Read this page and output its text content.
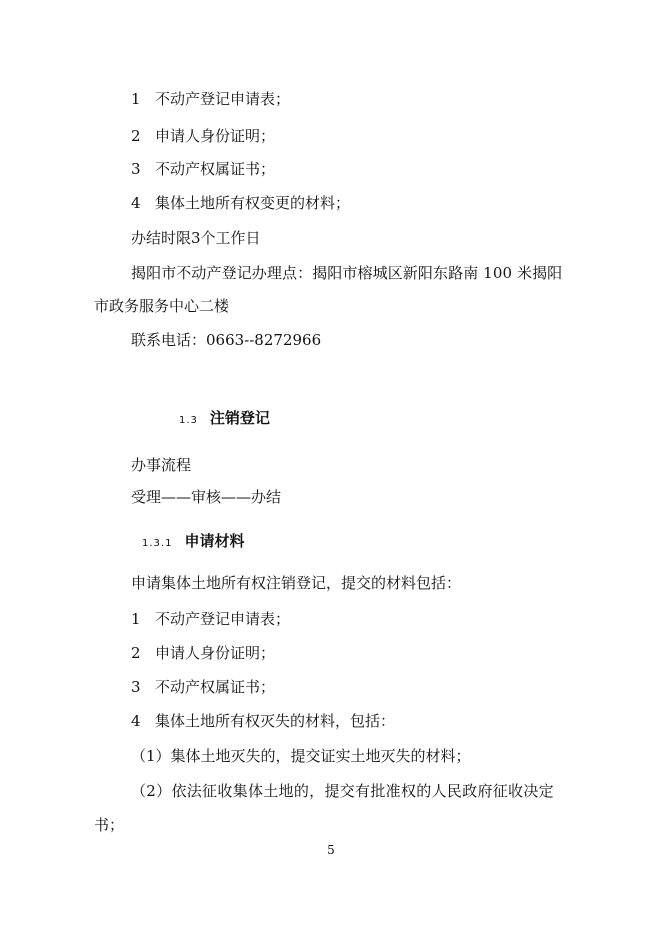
1 不动产登记申请表；
2 申请人身份证明；
3 不动产权属证书；
4 集体土地所有权变更的材料；
办结时限3个工作日
揭阳市不动产登记办理点：揭阳市榕城区新阳东路南 100 米揭阳
市政务服务中心二楼
联系电话：0663--8272966
1.3 注销登记
办事流程
受理——审核——办结
1.3.1 申请材料
申请集体土地所有权注销登记，提交的材料包括：
1 不动产登记申请表；
2 申请人身份证明；
3 不动产权属证书；
4 集体土地所有权灭失的材料，包括：
（1）集体土地灭失的，提交证实土地灭失的材料；
（2）依法征收集体土地的，提交有批准权的人民政府征收决定
书；
5
